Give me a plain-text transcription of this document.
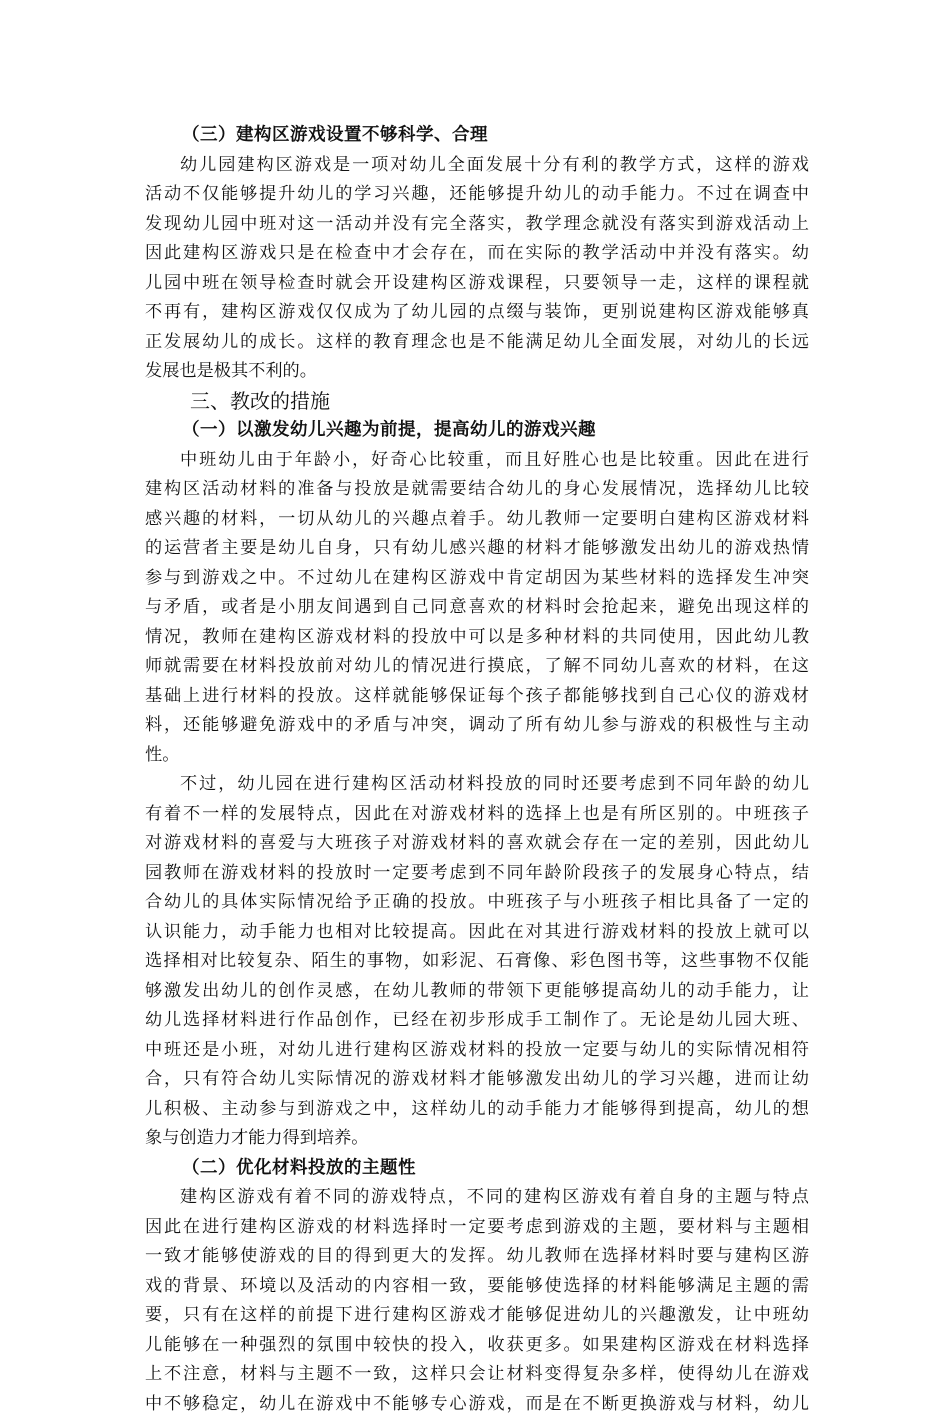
（三）建构区游戏设置不够科学、合理
幼儿园建构区游戏是一项对幼儿全面发展十分有利的教学方式，这样的游戏
活动不仅能够提升幼儿的学习兴趣，还能够提升幼儿的动手能力。不过在调查中
发现幼儿园中班对这一活动并没有完全落实，教学理念就没有落实到游戏活动上
因此建构区游戏只是在检查中才会存在，而在实际的教学活动中并没有落实。幼
儿园中班在领导检查时就会开设建构区游戏课程，只要领导一走，这样的课程就
不再有，建构区游戏仅仅成为了幼儿园的点缀与装饰，更别说建构区游戏能够真
正发展幼儿的成长。这样的教育理念也是不能满足幼儿全面发展，对幼儿的长远
发展也是极其不利的。
三、教改的措施
（一）以激发幼儿兴趣为前提，提高幼儿的游戏兴趣
中班幼儿由于年龄小，好奇心比较重，而且好胜心也是比较重。因此在进行
建构区活动材料的准备与投放是就需要结合幼儿的身心发展情况，选择幼儿比较
感兴趣的材料，一切从幼儿的兴趣点着手。幼儿教师一定要明白建构区游戏材料
的运营者主要是幼儿自身，只有幼儿感兴趣的材料才能够激发出幼儿的游戏热情
参与到游戏之中。不过幼儿在建构区游戏中肯定胡因为某些材料的选择发生冲突
与矛盾，或者是小朋友间遇到自己同意喜欢的材料时会抢起来，避免出现这样的
情况，教师在建构区游戏材料的投放中可以是多种材料的共同使用，因此幼儿教
师就需要在材料投放前对幼儿的情况进行摸底，了解不同幼儿喜欢的材料，在这
基础上进行材料的投放。这样就能够保证每个孩子都能够找到自己心仪的游戏材
料，还能够避免游戏中的矛盾与冲突，调动了所有幼儿参与游戏的积极性与主动
性。
不过，幼儿园在进行建构区活动材料投放的同时还要考虑到不同年龄的幼儿
有着不一样的发展特点，因此在对游戏材料的选择上也是有所区别的。中班孩子
对游戏材料的喜爱与大班孩子对游戏材料的喜欢就会存在一定的差别，因此幼儿
园教师在游戏材料的投放时一定要考虑到不同年龄阶段孩子的发展身心特点，结
合幼儿的具体实际情况给予正确的投放。中班孩子与小班孩子相比具备了一定的
认识能力，动手能力也相对比较提高。因此在对其进行游戏材料的投放上就可以
选择相对比较复杂、陌生的事物，如彩泥、石膏像、彩色图书等，这些事物不仅能
够激发出幼儿的创作灵感，在幼儿教师的带领下更能够提高幼儿的动手能力，让
幼儿选择材料进行作品创作，已经在初步形成手工制作了。无论是幼儿园大班、
中班还是小班，对幼儿进行建构区游戏材料的投放一定要与幼儿的实际情况相符
合，只有符合幼儿实际情况的游戏材料才能够激发出幼儿的学习兴趣，进而让幼
儿积极、主动参与到游戏之中，这样幼儿的动手能力才能够得到提高，幼儿的想
象与创造力才能力得到培养。
（二）优化材料投放的主题性
建构区游戏有着不同的游戏特点，不同的建构区游戏有着自身的主题与特点
因此在进行建构区游戏的材料选择时一定要考虑到游戏的主题，要材料与主题相
一致才能够使游戏的目的得到更大的发挥。幼儿教师在选择材料时要与建构区游
戏的背景、环境以及活动的内容相一致，要能够使选择的材料能够满足主题的需
要，只有在这样的前提下进行建构区游戏才能够促进幼儿的兴趣激发，让中班幼
儿能够在一种强烈的氛围中较快的投入，收获更多。如果建构区游戏在材料选择
上不注意，材料与主题不一致，这样只会让材料变得复杂多样，使得幼儿在游戏
中不够稳定，幼儿在游戏中不能够专心游戏，而是在不断更换游戏与材料，幼儿
